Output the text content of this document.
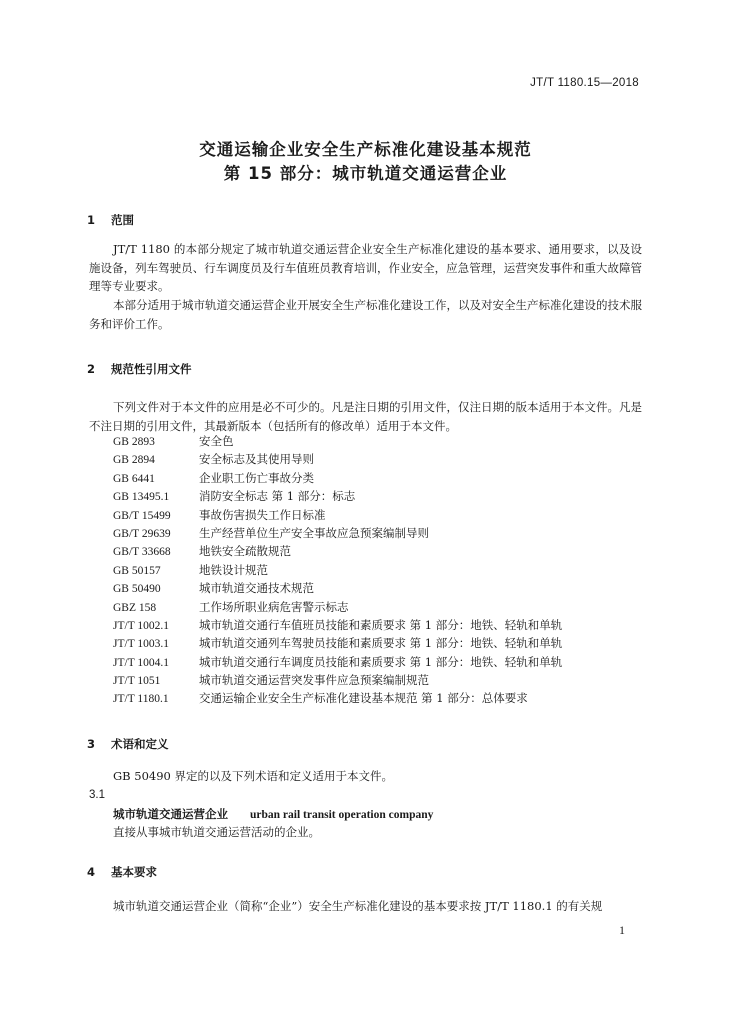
JT/T 1180.15—2018
交通运输企业安全生产标准化建设基本规范
第 15 部分：城市轨道交通运营企业
1 范围

JT/T 1180 的本部分规定了城市轨道交通运营企业安全生产标准化建设的基本要求、通用要求，以及设施设备，列车驾驶员、行车调度员及行车值班员教育培训，作业安全，应急管理，运营突发事件和重大故障管理等专业要求。

本部分适用于城市轨道交通运营企业开展安全生产标准化建设工作，以及对安全生产标准化建设的技术服务和评价工作。

2 规范性引用文件

下列文件对于本文件的应用是必不可少的。凡是注日期的引用文件，仅注日期的版本适用于本文件。凡是不注日期的引用文件，其最新版本（包括所有的修改单）适用于本文件。

GB 2893	安全色
GB 2894	安全标志及其使用导则
GB 6441	企业职工伤亡事故分类
GB 13495.1	消防安全标志 第 1 部分：标志
GB/T 15499 事故伤害损失工作日标准
GB/T 29639 生产经营单位生产安全事故应急预案编制导则
GB/T 33668 地铁安全疏散规范
GB 50157	地铁设计规范
GB 50490	城市轨道交通技术规范
GBZ 158	工作场所职业病危害警示标志
JT/T 1002.1	城市轨道交通行车值班员技能和素质要求 第 1 部分：地铁、轻轨和单轨
JT/T 1003.1	城市轨道交通列车驾驶员技能和素质要求 第 1 部分：地铁、轻轨和单轨
JT/T 1004.1	城市轨道交通行车调度员技能和素质要求 第 1 部分：地铁、轻轨和单轨
JT/T 1051	城市轨道交通运营突发事件应急预案编制规范
JT/T 1180.1	交通运输企业安全生产标准化建设基本规范 第 1 部分：总体要求
3 术语和定义

GB 50490 界定的以及下列术语和定义适用于本文件。

3.1
城市轨道交通运营企业 urban rail transit operation company
直接从事城市轨道交通运营活动的企业。
4 基本要求

城市轨道交通运营企业（简称“企业”）安全生产标准化建设的基本要求按 JT/T 1180.1 的有关规

1
